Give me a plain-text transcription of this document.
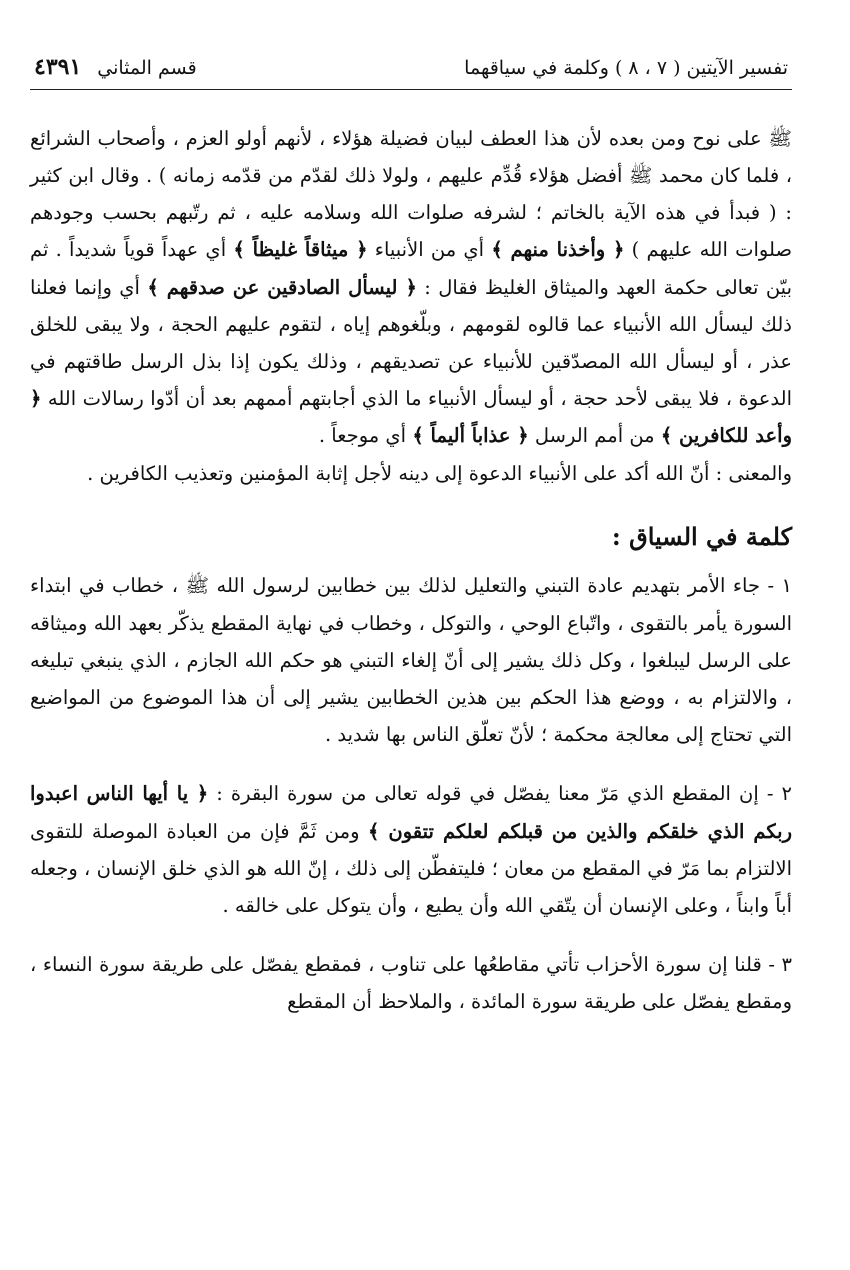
تفسير الآيتين ( ٧ ، ٨ ) وكلمة في سياقهما
قسم المثاني
٤٣٩١

ﷺ على نوح ومن بعده لأن هذا العطف لبيان فضيلة هؤلاء ، لأنهم أولو العزم ، وأصحاب الشرائع ، فلما كان محمد ﷺ أفضل هؤلاء قُدِّم عليهم ، ولولا ذلك لقدّم من قدّمه زمانه ) . وقال ابن كثير : ( فبدأ في هذه الآية بالخاتم ؛ لشرفه صلوات الله وسلامه عليه ، ثم رتّبهم بحسب وجودهم صلوات الله عليهم ) ﴿ وأخذنا منهم ﴾ أي من الأنبياء ﴿ ميثاقاً غليظاً ﴾ أي عهداً قوياً شديداً . ثم بيّن تعالى حكمة العهد والميثاق الغليظ فقال : ﴿ ليسأل الصادقين عن صدقهم ﴾ أي وإنما فعلنا ذلك ليسأل الله الأنبياء عما قالوه لقومهم ، وبلّغوهم إياه ، لتقوم عليهم الحجة ، ولا يبقى للخلق عذر ، أو ليسأل الله المصدّقين للأنبياء عن تصديقهم ، وذلك يكون إذا بذل الرسل طاقتهم في الدعوة ، فلا يبقى لأحد حجة ، أو ليسأل الأنبياء ما الذي أجابتهم أممهم بعد أن أدّوا رسالات الله ﴿ وأعد للكافرين ﴾ من أمم الرسل ﴿ عذاباً أليماً ﴾ أي موجعاً .

والمعنى : أنّ الله أكد على الأنبياء الدعوة إلى دينه لأجل إثابة المؤمنين وتعذيب الكافرين .

كلمة في السياق :

١ - جاء الأمر بتهديم عادة التبني والتعليل لذلك بين خطابين لرسول الله ﷺ ، خطاب في ابتداء السورة يأمر بالتقوى ، واتّباع الوحي ، والتوكل ، وخطاب في نهاية المقطع يذكّر بعهد الله وميثاقه على الرسل ليبلغوا ، وكل ذلك يشير إلى أنّ إلغاء التبني هو حكم الله الجازم ، الذي ينبغي تبليغه ، والالتزام به ، ووضع هذا الحكم بين هذين الخطابين يشير إلى أن هذا الموضوع من المواضيع التي تحتاج إلى معالجة محكمة ؛ لأنّ تعلّق الناس بها شديد .

٢ - إن المقطع الذي مَرّ معنا يفصّل في قوله تعالى من سورة البقرة : ﴿ يا أيها الناس اعبدوا ربكم الذي خلقكم والذين من قبلكم لعلكم تتقون ﴾ ومن ثَمَّ فإن من العبادة الموصلة للتقوى الالتزام بما مَرّ في المقطع من معان ؛ فليتفطّن إلى ذلك ، إنّ الله هو الذي خلق الإنسان ، وجعله أباً وابناً ، وعلى الإنسان أن يتّقي الله وأن يطيع ، وأن يتوكل على خالقه .

٣ - قلنا إن سورة الأحزاب تأتي مقاطعُها على تناوب ، فمقطع يفصّل على طريقة سورة النساء ، ومقطع يفصّل على طريقة سورة المائدة ، والملاحظ أن المقطع
